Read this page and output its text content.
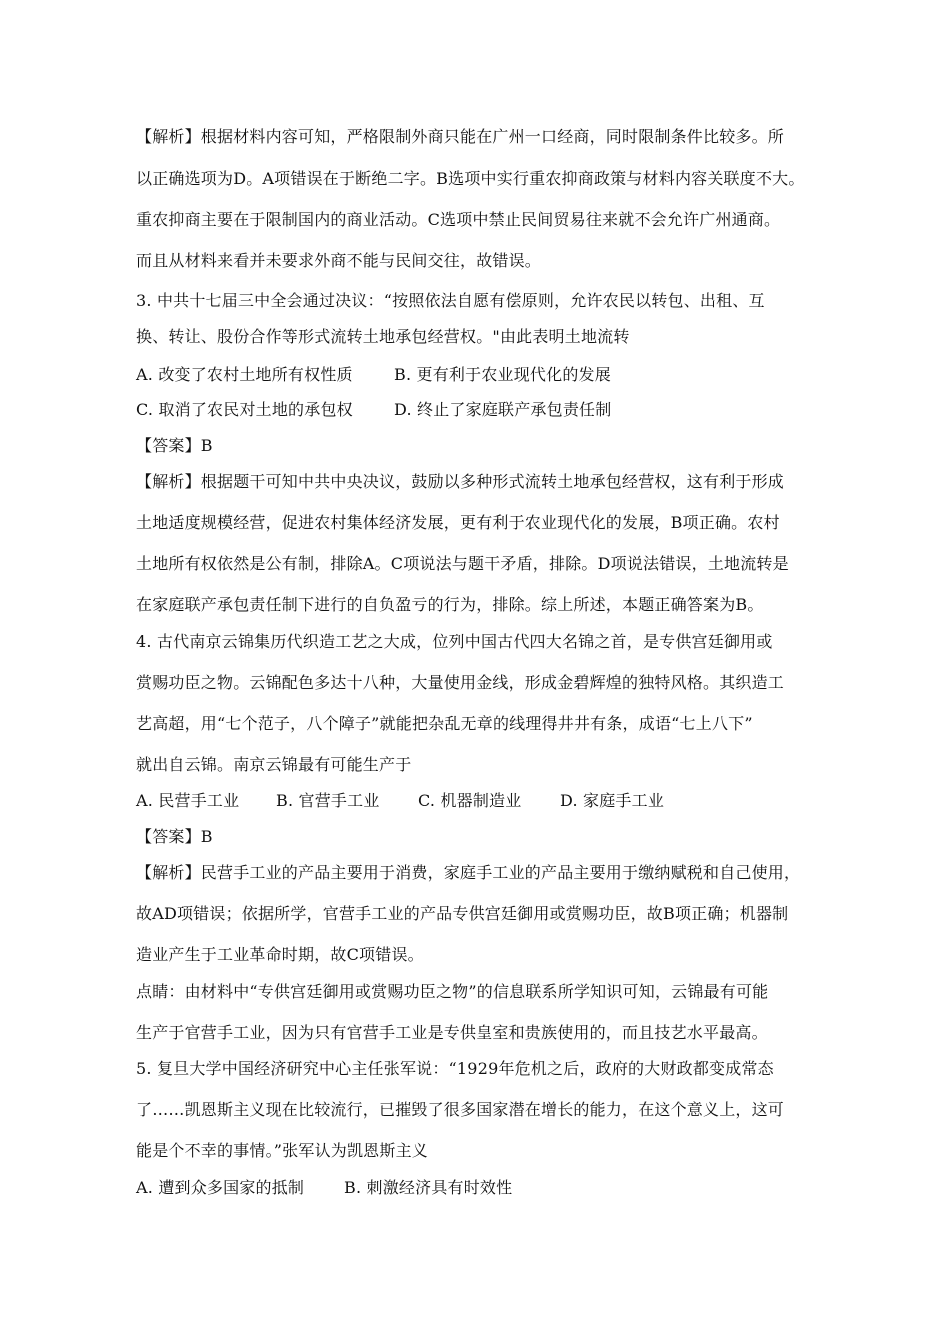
【解析】根据材料内容可知，严格限制外商只能在广州一口经商，同时限制条件比较多。所
以正确选项为D。A项错误在于断绝二字。B选项中实行重农抑商政策与材料内容关联度不大。
重农抑商主要在于限制国内的商业活动。C选项中禁止民间贸易往来就不会允许广州通商。
而且从材料来看并未要求外商不能与民间交往，故错误。
3. 中共十七届三中全会通过决议：“按照依法自愿有偿原则，允许农民以转包、出租、互
换、转让、股份合作等形式流转土地承包经营权。"由此表明土地流转
A. 改变了农村土地所有权性质	B. 更有利于农业现代化的发展
C. 取消了农民对土地的承包权	D. 终止了家庭联产承包责任制
【答案】B
【解析】根据题干可知中共中央决议，鼓励以多种形式流转土地承包经营权，这有利于形成
土地适度规模经营，促进农村集体经济发展，更有利于农业现代化的发展，B项正确。农村
土地所有权依然是公有制，排除A。C项说法与题干矛盾，排除。D项说法错误，土地流转是
在家庭联产承包责任制下进行的自负盈亏的行为，排除。综上所述，本题正确答案为B。
4. 古代南京云锦集历代织造工艺之大成，位列中国古代四大名锦之首，是专供宫廷御用或
赏赐功臣之物。云锦配色多达十八种，大量使用金线，形成金碧辉煌的独特风格。其织造工
艺高超，用“七个范子，八个障子”就能把杂乱无章的线理得井井有条，成语“七上八下”
就出自云锦。南京云锦最有可能生产于
A. 民营手工业 B. 官营手工业 C. 机器制造业 D. 家庭手工业
【答案】B
【解析】民营手工业的产品主要用于消费，家庭手工业的产品主要用于缴纳赋税和自己使用，
故AD项错误；依据所学，官营手工业的产品专供宫廷御用或赏赐功臣，故B项正确；机器制
造业产生于工业革命时期，故C项错误。
点睛：由材料中“专供宫廷御用或赏赐功臣之物”的信息联系所学知识可知，云锦最有可能
生产于官营手工业，因为只有官营手工业是专供皇室和贵族使用的，而且技艺水平最高。
5. 复旦大学中国经济研究中心主任张军说：“1929年危机之后，政府的大财政都变成常态
了……凯恩斯主义现在比较流行，已摧毁了很多国家潜在增长的能力，在这个意义上，这可
能是个不幸的事情。”张军认为凯恩斯主义
A. 遭到众多国家的抵制 B. 刺激经济具有时效性
